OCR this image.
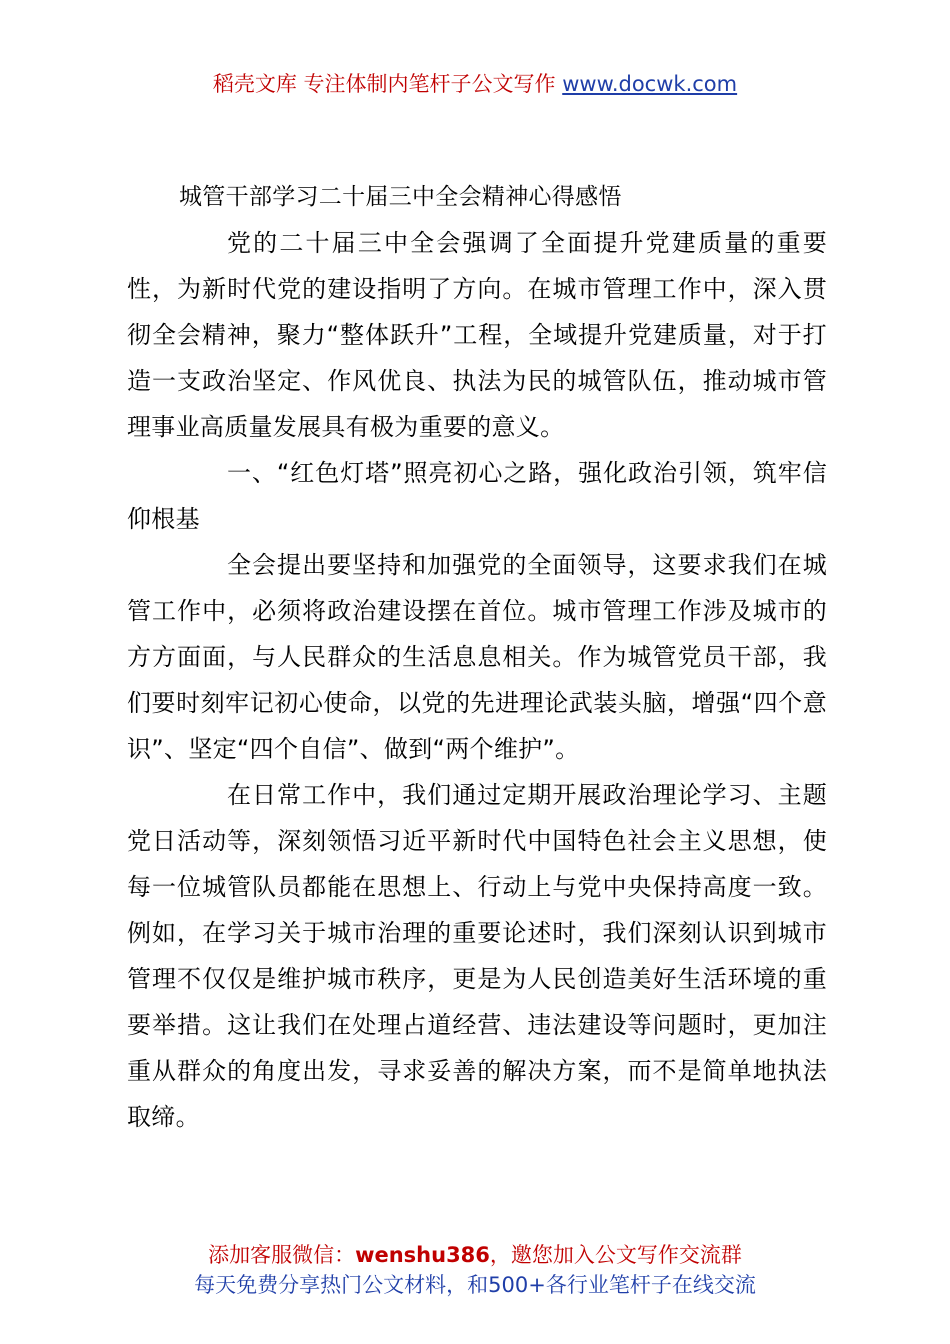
稻壳文库 专注体制内笔杆子公文写作 www.docwk.com

城管干部学习二十届三中全会精神心得感悟

党的二十届三中全会强调了全面提升党建质量的重要性，为新时代党的建设指明了方向。在城市管理工作中，深入贯彻全会精神，聚力“整体跃升”工程，全域提升党建质量，对于打造一支政治坚定、作风优良、执法为民的城管队伍，推动城市管理事业高质量发展具有极为重要的意义。

一、“红色灯塔”照亮初心之路，强化政治引领，筑牢信仰根基

全会提出要坚持和加强党的全面领导，这要求我们在城管工作中，必须将政治建设摆在首位。城市管理工作涉及城市的方方面面，与人民群众的生活息息相关。作为城管党员干部，我们要时刻牢记初心使命，以党的先进理论武装头脑，增强“四个意识”、坚定“四个自信”、做到“两个维护”。

在日常工作中，我们通过定期开展政治理论学习、主题党日活动等，深刻领悟习近平新时代中国特色社会主义思想，使每一位城管队员都能在思想上、行动上与党中央保持高度一致。例如，在学习关于城市治理的重要论述时，我们深刻认识到城市管理不仅仅是维护城市秩序，更是为人民创造美好生活环境的重要举措。这让我们在处理占道经营、违法建设等问题时，更加注重从群众的角度出发，寻求妥善的解决方案，而不是简单地执法取缔。

添加客服微信：wenshu386，邀您加入公文写作交流群
每天免费分享热门公文材料，和500+各行业笔杆子在线交流
